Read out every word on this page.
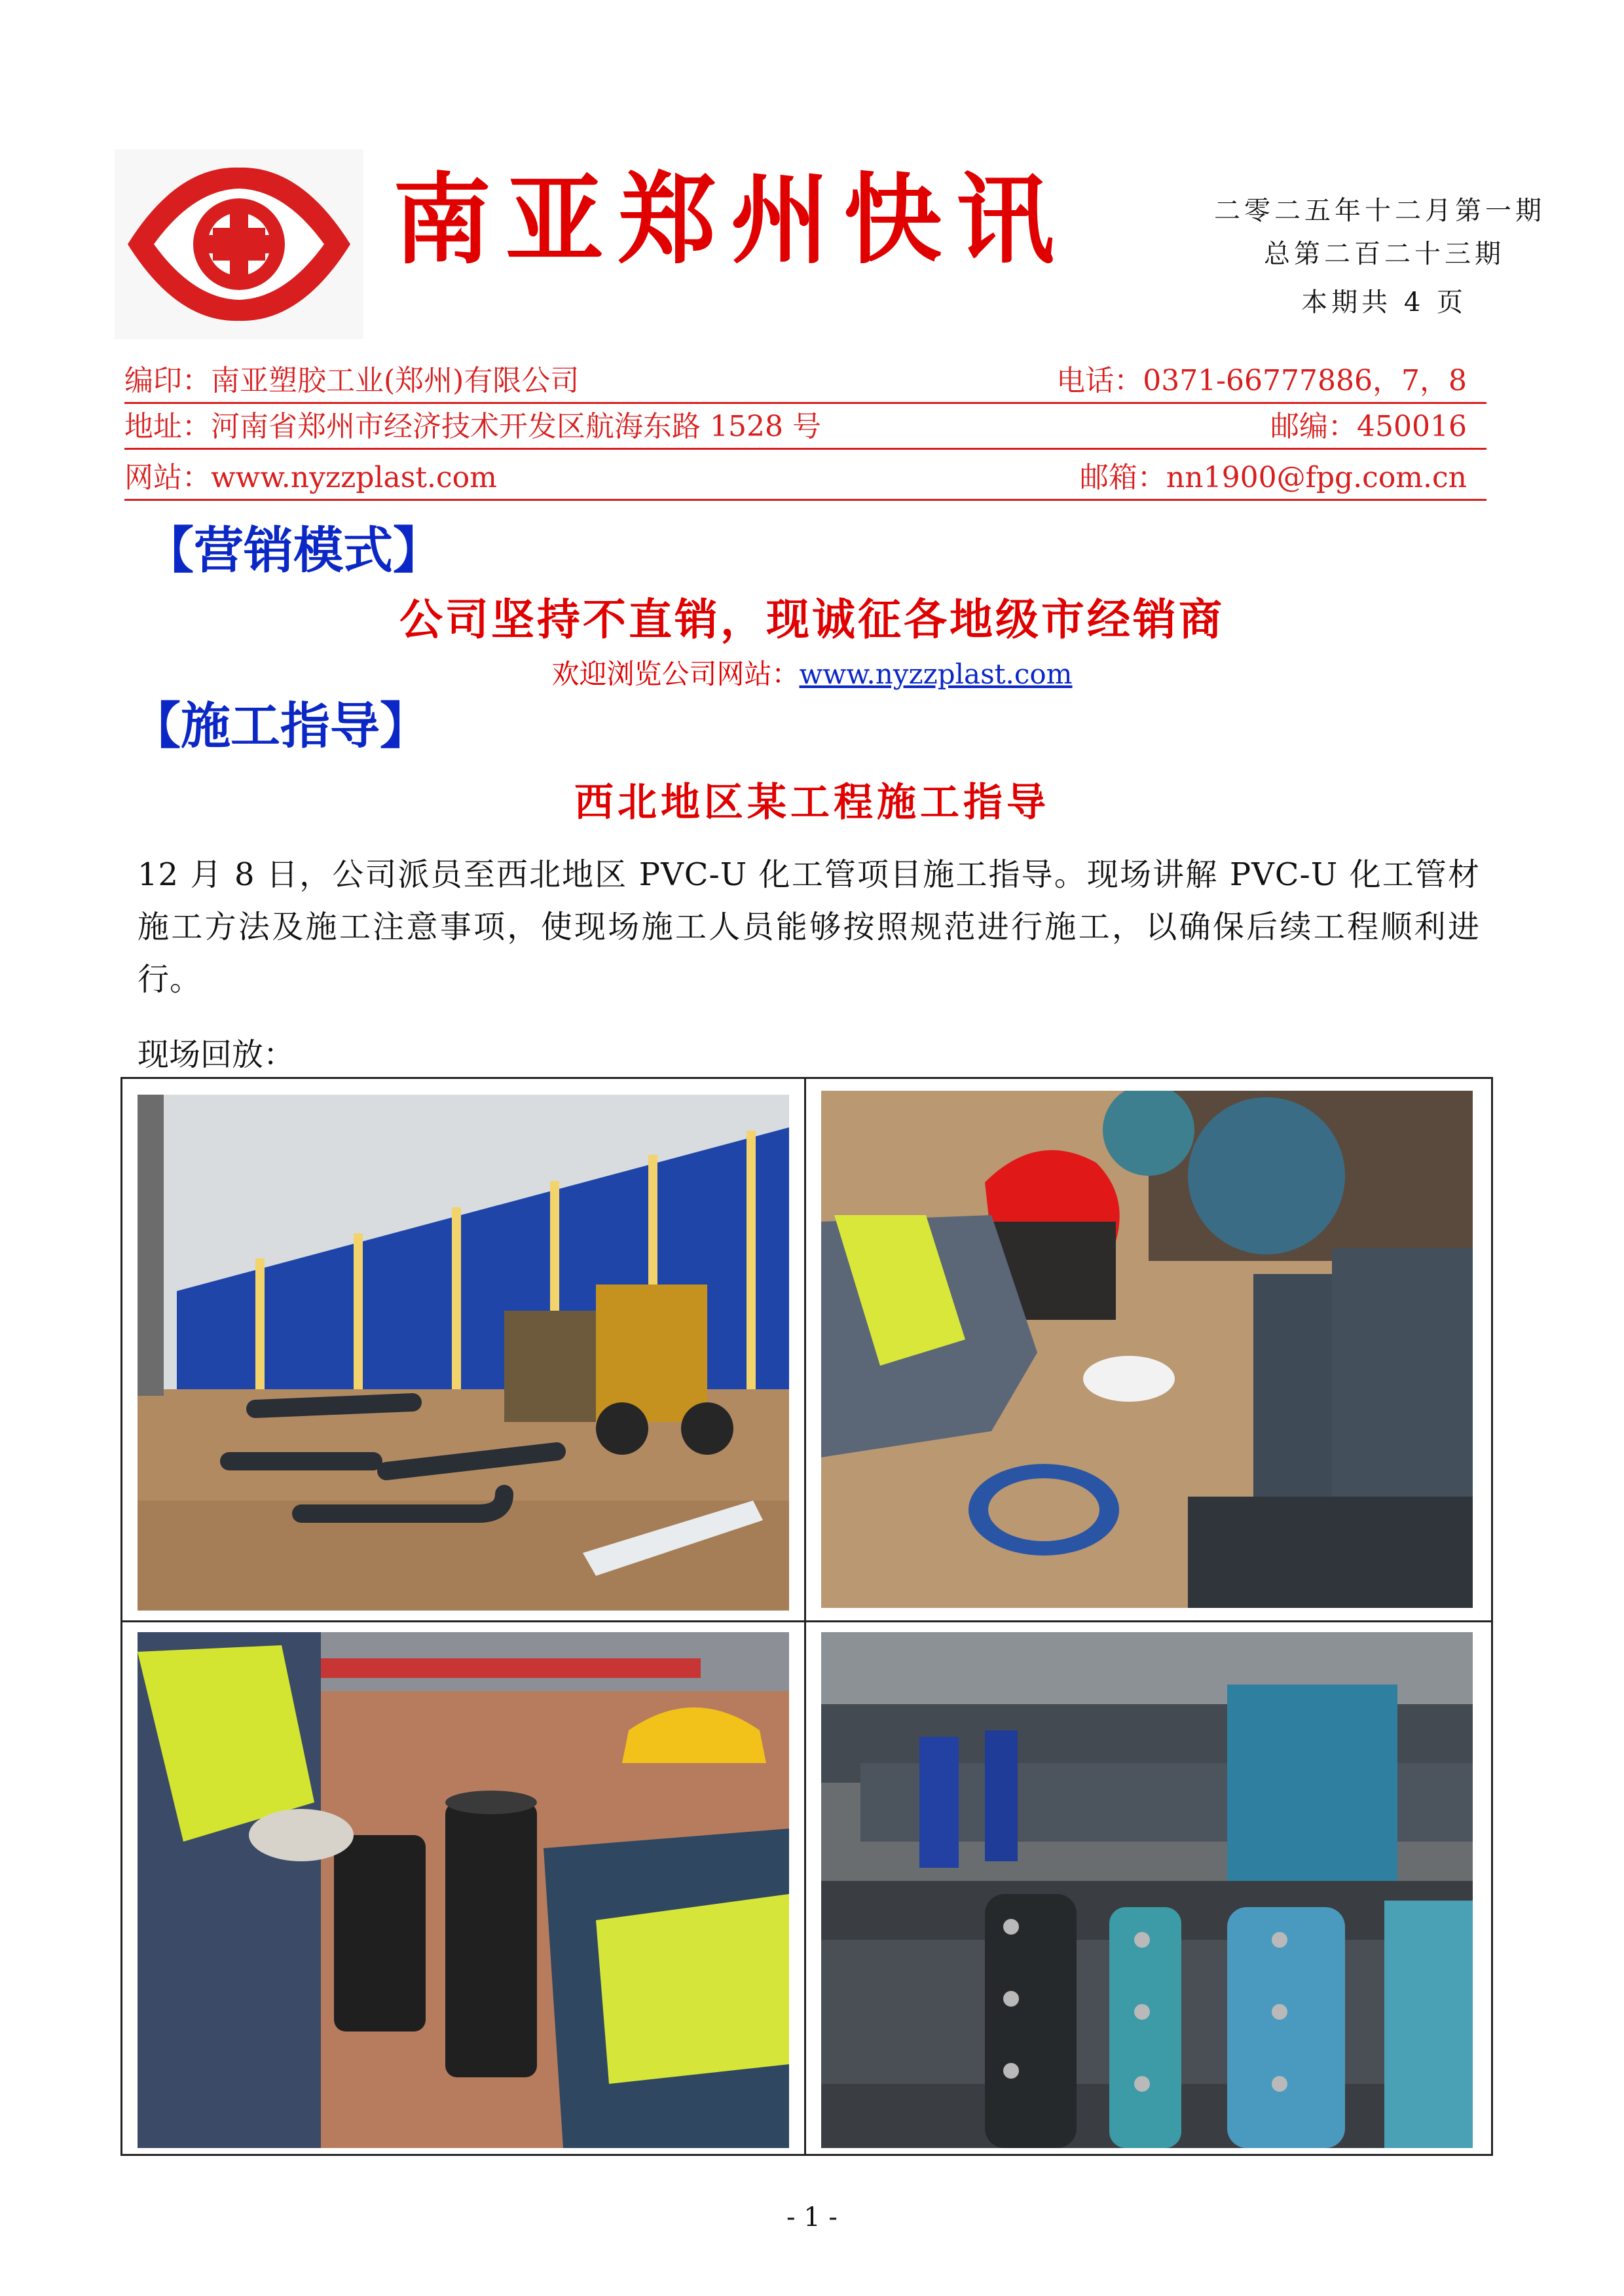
南亚郑州快讯	二零二五年十二月第一期
总第二百二十三期
本期共 4 页
编印：南亚塑胶工业(郑州)有限公司	电话：0371-66777886，7，8
地址：河南省郑州市经济技术开发区航海东路 1528 号	邮编：450016
网站：www.nyzzplast.com	邮箱：nn1900@fpg.com.cn
【营销模式】
公司坚持不直销，现诚征各地级市经销商
欢迎浏览公司网站：www.nyzzplast.com
【施工指导】
西北地区某工程施工指导
12 月 8 日，公司派员至西北地区 PVC-U 化工管项目施工指导。现场讲解 PVC-U 化工管材施工方法及施工注意事项，使现场施工人员能够按照规范进行施工，以确保后续工程顺利进行。
现场回放：
- 1 -
